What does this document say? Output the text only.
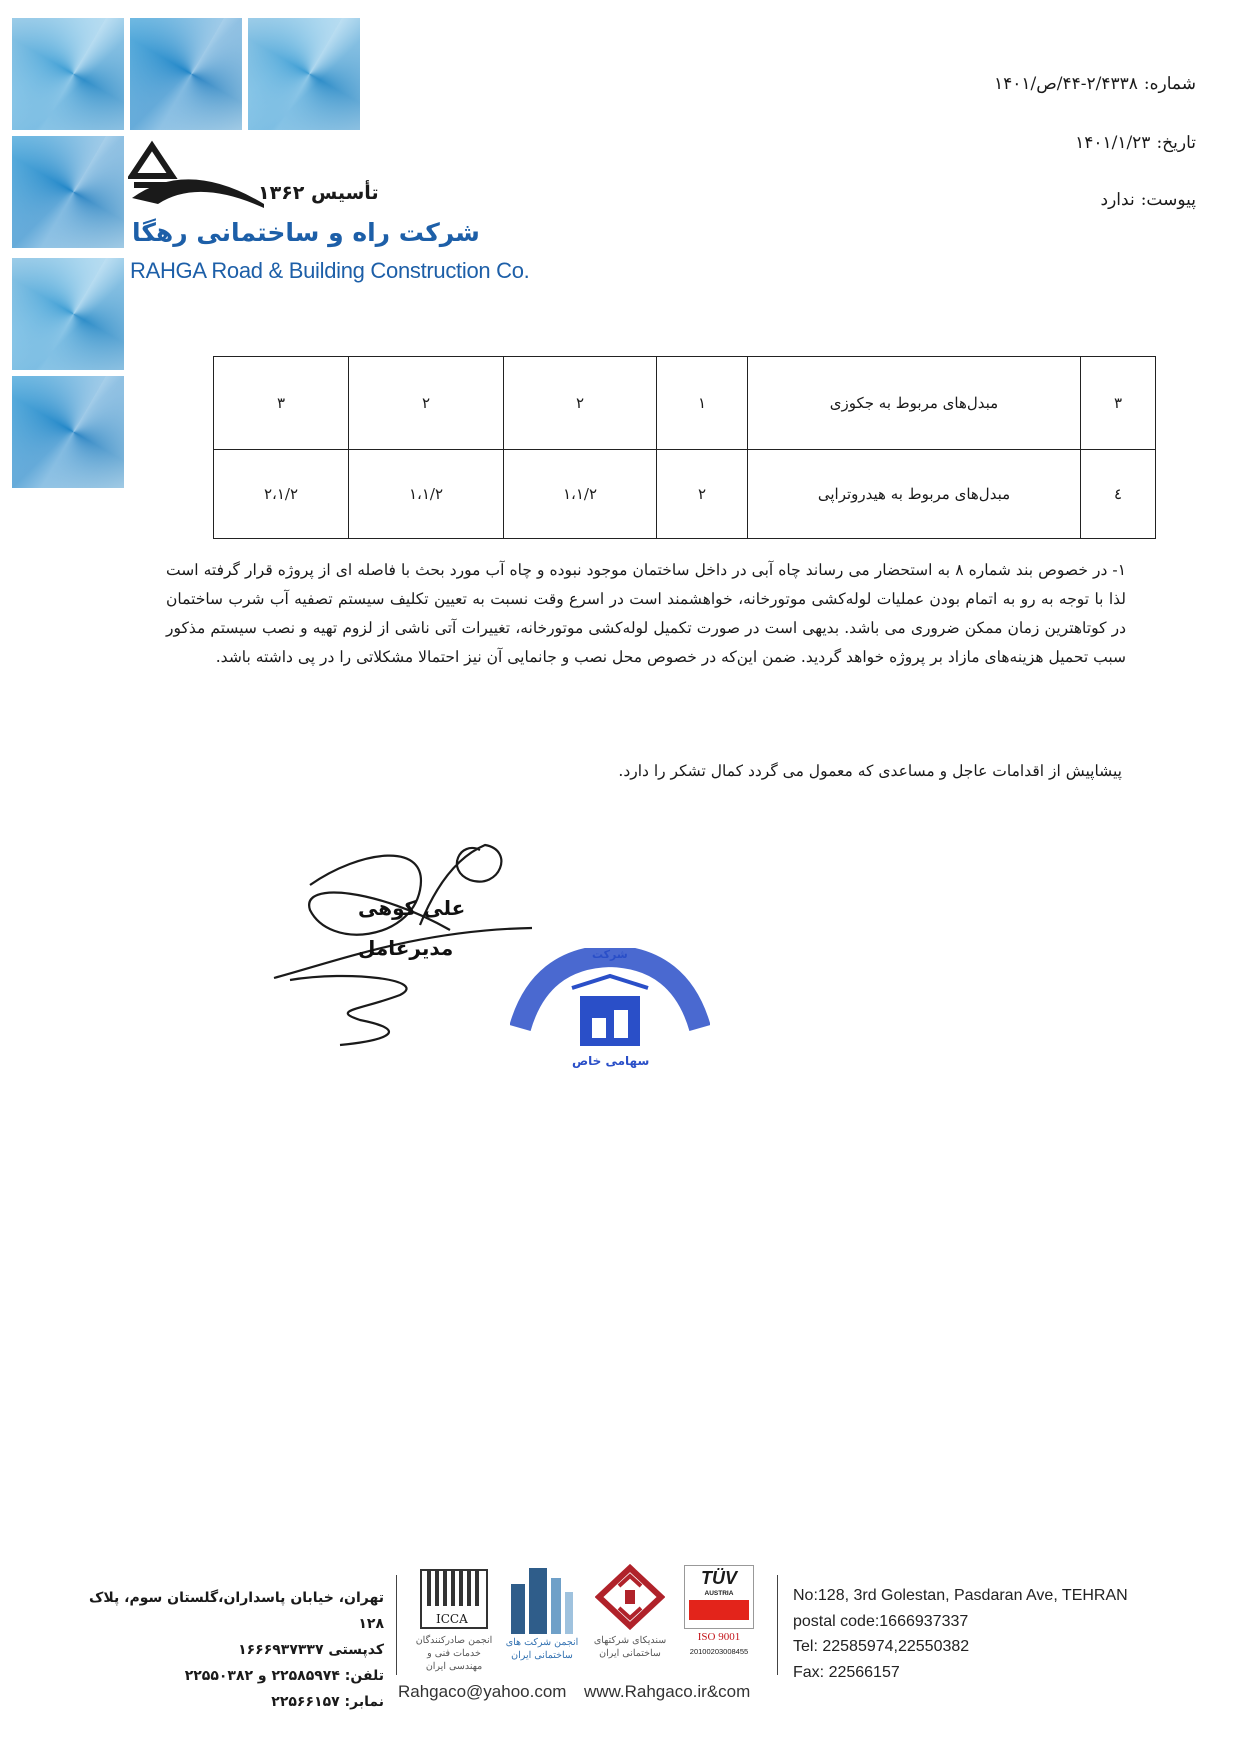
شماره:۲/۴۳۳۸-۴۴/ص/۱۴۰۱
تاریخ:۱۴۰۱/۱/۲۳
پیوست:ندارد
تأسیس ۱۳۶۲
شرکت راه و ساختمانی رهگا
RAHGA Road & Building Construction Co.
۳	مبدل‌های مربوط به جکوزی	۱	۲	۲	۳
٤	مبدل‌های مربوط به هیدروتراپی	۲	۱،۱/۲	۱،۱/۲	۲،۱/۲
۱- در خصوص بند شماره ۸ به استحضار می رساند چاه آبی در داخل ساختمان موجود نبوده و چاه آب مورد بحث با فاصله ای از پروژه قرار گرفته است لذا با توجه به رو به اتمام بودن عملیات لوله‌کشی موتورخانه، خواهشمند است در اسرع وقت نسبت به تعیین تکلیف سیستم تصفیه آب شرب ساختمان در کوتاهترین زمان ممکن ضروری می باشد. بدیهی است در صورت تکمیل لوله‌کشی موتورخانه، تغییرات آتی ناشی از لزوم تهیه و نصب سیستم مذکور سبب تحمیل هزینه‌های مازاد بر پروژه خواهد گردید. ضمن این‌که در خصوص محل نصب و جانمایی آن نیز احتمالا مشکلاتی را در پی داشته باشد.
پیشاپیش از اقدامات عاجل و مساعدی که معمول می گردد کمال تشکر را دارد.
علی کوهی
مدیرعامل	شرکت
سهامی خاص
تهران، خیابان پاسداران،گلستان سوم، پلاک ۱۲۸
کدپستی ۱۶۶۶۹۳۷۳۳۷
تلفن: ۲۲۵۸۵۹۷۴ و ۲۲۵۵۰۳۸۲
نمابر: ۲۲۵۶۶۱۵۷
ICCA
انجمن صادرکنندگان خدمات فنی و مهندسی ایران
انجمن شرکت های ساختمانی ایران
سندیکای شرکتهای ساختمانی ایران
TÜV
AUSTRIA
ISO 9001
20100203008455
No:128, 3rd Golestan, Pasdaran Ave, TEHRAN
postal code:1666937337
Tel: 22585974,22550382
Fax: 22566157
Rahgaco@yahoo.com www.Rahgaco.ir&com
